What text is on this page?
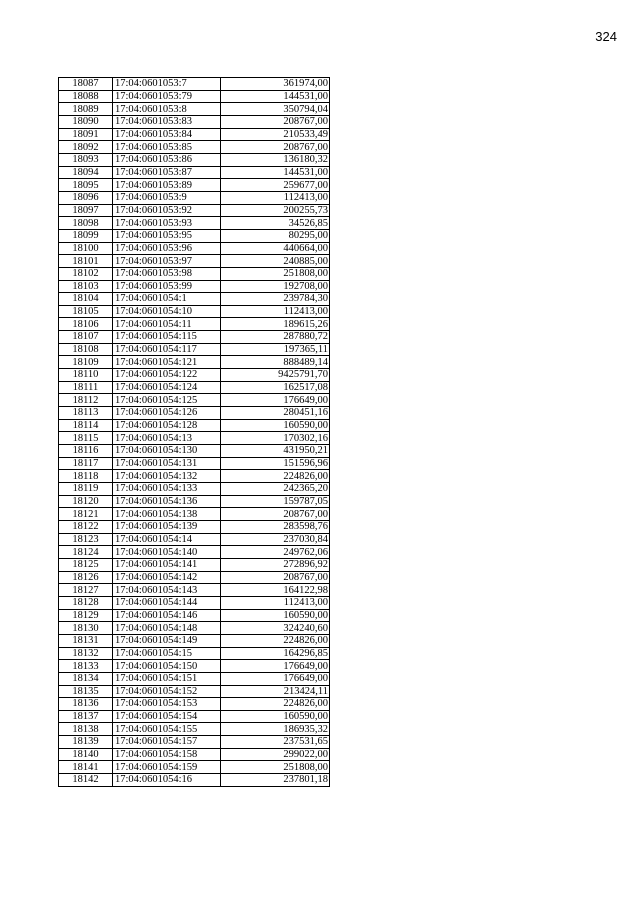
324
18087	17:04:0601053:7	361974,00
18088	17:04:0601053:79	144531,00
18089	17:04:0601053:8	350794,04
18090	17:04:0601053:83	208767,00
18091	17:04:0601053:84	210533,49
18092	17:04:0601053:85	208767,00
18093	17:04:0601053:86	136180,32
18094	17:04:0601053:87	144531,00
18095	17:04:0601053:89	259677,00
18096	17:04:0601053:9	112413,00
18097	17:04:0601053:92	200255,73
18098	17:04:0601053:93	34526,85
18099	17:04:0601053:95	80295,00
18100	17:04:0601053:96	440664,00
18101	17:04:0601053:97	240885,00
18102	17:04:0601053:98	251808,00
18103	17:04:0601053:99	192708,00
18104	17:04:0601054:1	239784,30
18105	17:04:0601054:10	112413,00
18106	17:04:0601054:11	189615,26
18107	17:04:0601054:115	287880,72
18108	17:04:0601054:117	197365,11
18109	17:04:0601054:121	888489,14
18110	17:04:0601054:122	9425791,70
18111	17:04:0601054:124	162517,08
18112	17:04:0601054:125	176649,00
18113	17:04:0601054:126	280451,16
18114	17:04:0601054:128	160590,00
18115	17:04:0601054:13	170302,16
18116	17:04:0601054:130	431950,21
18117	17:04:0601054:131	151596,96
18118	17:04:0601054:132	224826,00
18119	17:04:0601054:133	242365,20
18120	17:04:0601054:136	159787,05
18121	17:04:0601054:138	208767,00
18122	17:04:0601054:139	283598,76
18123	17:04:0601054:14	237030,84
18124	17:04:0601054:140	249762,06
18125	17:04:0601054:141	272896,92
18126	17:04:0601054:142	208767,00
18127	17:04:0601054:143	164122,98
18128	17:04:0601054:144	112413,00
18129	17:04:0601054:146	160590,00
18130	17:04:0601054:148	324240,60
18131	17:04:0601054:149	224826,00
18132	17:04:0601054:15	164296,85
18133	17:04:0601054:150	176649,00
18134	17:04:0601054:151	176649,00
18135	17:04:0601054:152	213424,11
18136	17:04:0601054:153	224826,00
18137	17:04:0601054:154	160590,00
18138	17:04:0601054:155	186935,32
18139	17:04:0601054:157	237531,65
18140	17:04:0601054:158	299022,00
18141	17:04:0601054:159	251808,00
18142	17:04:0601054:16	237801,18
